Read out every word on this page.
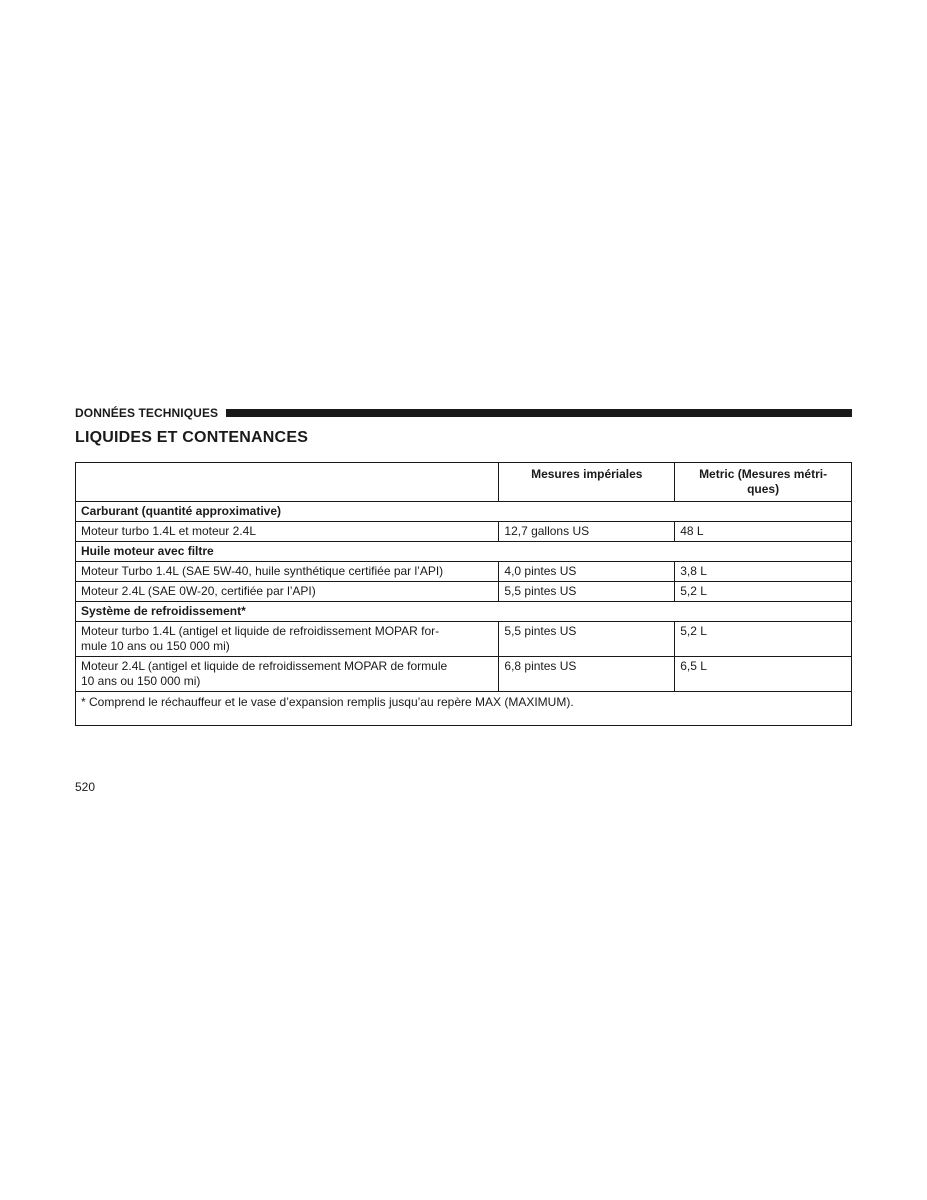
DONNÉES TECHNIQUES
LIQUIDES ET CONTENANCES
	Mesures impériales	Metric (Mesures métri-
ques)
Carburant (quantité approximative)		
Moteur turbo 1.4L et moteur 2.4L	12,7 gallons US	48 L
Huile moteur avec filtre		
Moteur Turbo 1.4L (SAE 5W-40, huile synthétique certifiée par l’API)	4,0 pintes US	3,8 L
Moteur 2.4L (SAE 0W-20, certifiée par l’API)	5,5 pintes US	5,2 L
Système de refroidissement*		
Moteur turbo 1.4L (antigel et liquide de refroidissement MOPAR for-
mule 10 ans ou 150 000 mi)	5,5 pintes US	5,2 L
Moteur 2.4L (antigel et liquide de refroidissement MOPAR de formule
10 ans ou 150 000 mi)	6,8 pintes US	6,5 L
* Comprend le réchauffeur et le vase d’expansion remplis jusqu’au repère MAX (MAXIMUM).		
520
